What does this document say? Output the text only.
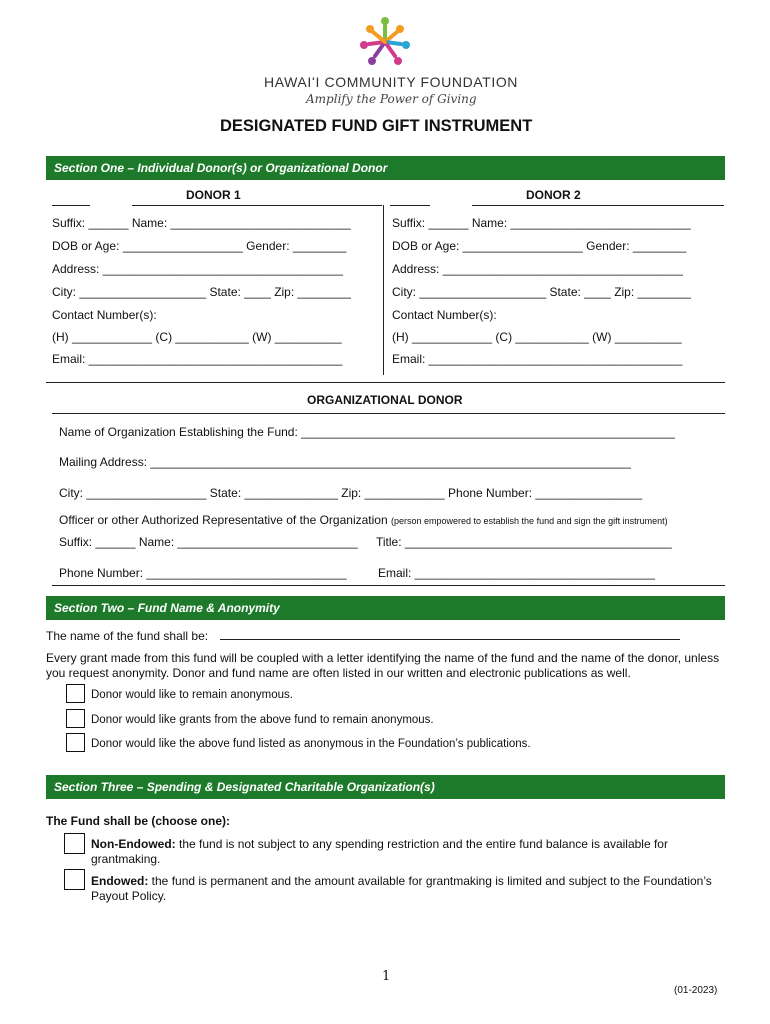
HAWAIʻI COMMUNITY FOUNDATION
Amplify the Power of Giving
DESIGNATED FUND GIFT INSTRUMENT
Section One – Individual Donor(s) or Organizational Donor
DONOR 1	DONOR 2
Suffix: ______ Name: ___________________________
DOB or Age: __________________ Gender: ________
Address: ____________________________________
City: ___________________ State: ____ Zip: ________
Contact Number(s):
(H) ____________ (C) ___________ (W) __________
Email: ______________________________________
Suffix: ______ Name: ___________________________
DOB or Age: __________________ Gender: ________
Address: ____________________________________
City: ___________________ State: ____ Zip: ________
Contact Number(s):
(H) ____________ (C) ___________ (W) __________
Email: ______________________________________
ORGANIZATIONAL DONOR
Name of Organization Establishing the Fund: ________________________________________________________
Mailing Address: ________________________________________________________________________
City: __________________ State: ______________ Zip: ____________ Phone Number: ________________
Officer or other Authorized Representative of the Organization (person empowered to establish the fund and sign the gift instrument)
Suffix: ______ Name: ___________________________ Title: ________________________________________
Phone Number: ______________________________	Email: ____________________________________
Section Two – Fund Name & Anonymity
The name of the fund shall be:
Every grant made from this fund will be coupled with a letter identifying the name of the fund and the name of the donor, unless you request anonymity. Donor and fund name are often listed in our written and electronic publications as well.
Donor would like to remain anonymous.
Donor would like grants from the above fund to remain anonymous.
Donor would like the above fund listed as anonymous in the Foundation’s publications.
Section Three – Spending & Designated Charitable Organization(s)
The Fund shall be (choose one):
Non-Endowed: the fund is not subject to any spending restriction and the entire fund balance is available for grantmaking.
Endowed: the fund is permanent and the amount available for grantmaking is limited and subject to the Foundation’s Payout Policy.
1
(01-2023)
